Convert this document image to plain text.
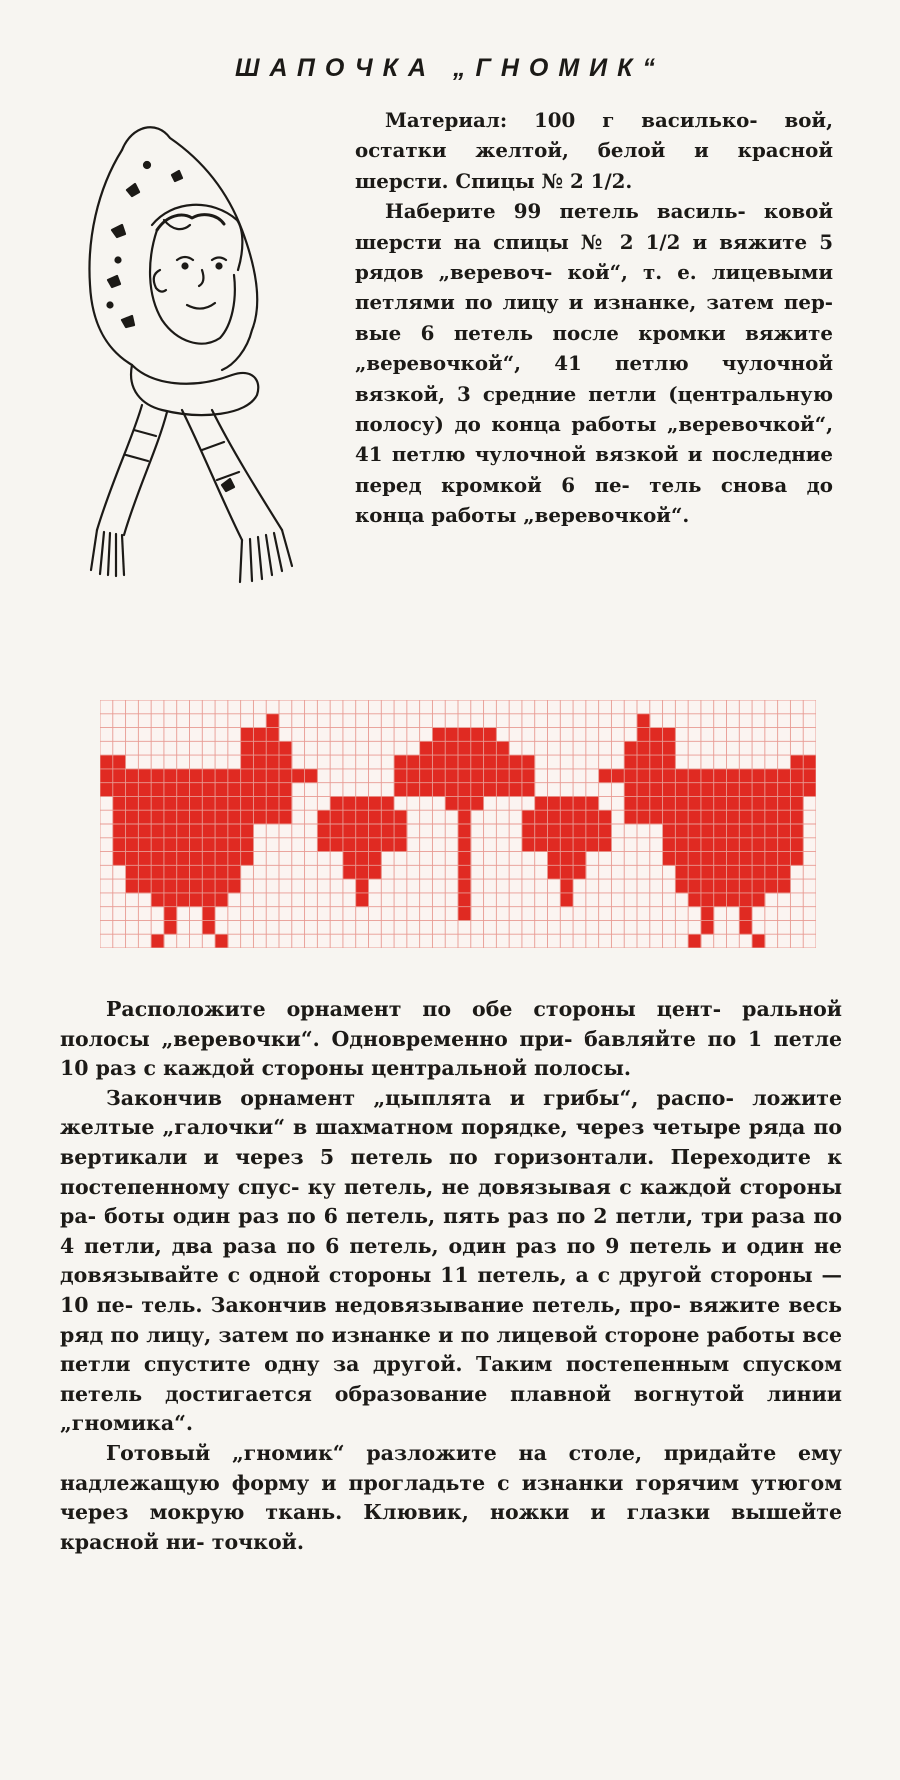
ШАПОЧКА „ГНОМИК“

Материал: 100 г василько- вой, остатки желтой, белой и красной шерсти. Спицы № 2 1/2.

Наберите 99 петель василь- ковой шерсти на спицы № 2 1/2 и вяжите 5 рядов „веревоч- кой“, т. е. лицевыми петлями по лицу и изнанке, затем пер- вые 6 петель после кромки вяжите „веревочкой“, 41 петлю чулочной вязкой, 3 средние петли (центральную полосу) до конца работы „веревочкой“, 41 петлю чулочной вязкой и последние перед кромкой 6 пе- тель снова до конца работы „веревочкой“.

Расположите орнамент по обе стороны цент- ральной полосы „веревочки“. Одновременно при- бавляйте по 1 петле 10 раз с каждой стороны центральной полосы.

Закончив орнамент „цыплята и грибы“, распо- ложите желтые „галочки“ в шахматном порядке, через четыре ряда по вертикали и через 5 петель по горизонтали. Переходите к постепенному спус- ку петель, не довязывая с каждой стороны ра- боты один раз по 6 петель, пять раз по 2 петли, три раза по 4 петли, два раза по 6 петель, один раз по 9 петель и один не довязывайте с одной стороны 11 петель, а с другой стороны — 10 пе- тель. Закончив недовязывание петель, про- вяжите весь ряд по лицу, затем по изнанке и по лицевой стороне работы все петли спустите одну за другой. Таким постепенным спуском петель достигается образование плавной вогнутой линии „гномика“.

Готовый „гномик“ разложите на столе, придайте ему надлежащую форму и прогладьте с изнанки горячим утюгом через мокрую ткань. Клювик, ножки и глазки вышейте красной ни- точкой.
